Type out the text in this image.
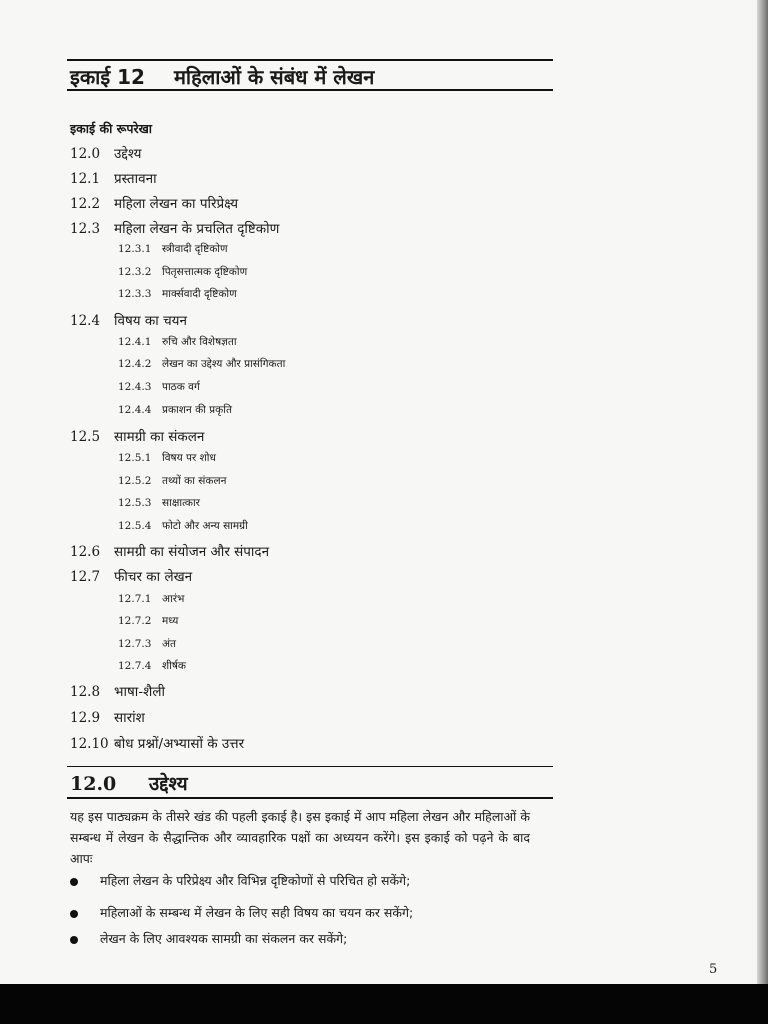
इकाई 12 महिलाओं के संबंध में लेखन
इकाई की रूपरेखा
12.0 उद्देश्य
12.1 प्रस्तावना
12.2 महिला लेखन का परिप्रेक्ष्य
12.3 महिला लेखन के प्रचलित दृष्टिकोण
12.3.1 स्त्रीवादी दृष्टिकोण
12.3.2 पितृसत्तात्मक दृष्टिकोण
12.3.3 मार्क्सवादी दृष्टिकोण
12.4 विषय का चयन
12.4.1 रुचि और विशेषज्ञता
12.4.2 लेखन का उद्देश्य और प्रासंगिकता
12.4.3 पाठक वर्ग
12.4.4 प्रकाशन की प्रकृति
12.5 सामग्री का संकलन
12.5.1 विषय पर शोध
12.5.2 तथ्यों का संकलन
12.5.3 साक्षात्कार
12.5.4 फोटो और अन्य सामग्री
12.6 सामग्री का संयोजन और संपादन
12.7 फीचर का लेखन
12.7.1 आरंभ
12.7.2 मध्य
12.7.3 अंत
12.7.4 शीर्षक
12.8 भाषा-शैली
12.9 सारांश
12.10 बोध प्रश्नों/अभ्यासों के उत्तर
12.0 उद्देश्य
यह इस पाठ्यक्रम के तीसरे खंड की पहली इकाई है। इस इकाई में आप महिला लेखन और महिलाओं के सम्बन्ध में लेखन के सैद्धान्तिक और व्यावहारिक पक्षों का अध्ययन करेंगे। इस इकाई को पढ़ने के बाद आपः
महिला लेखन के परिप्रेक्ष्य और विभिन्न दृष्टिकोणों से परिचित हो सकेंगे;
महिलाओं के सम्बन्ध में लेखन के लिए सही विषय का चयन कर सकेंगे;
लेखन के लिए आवश्यक सामग्री का संकलन कर सकेंगे;
5
